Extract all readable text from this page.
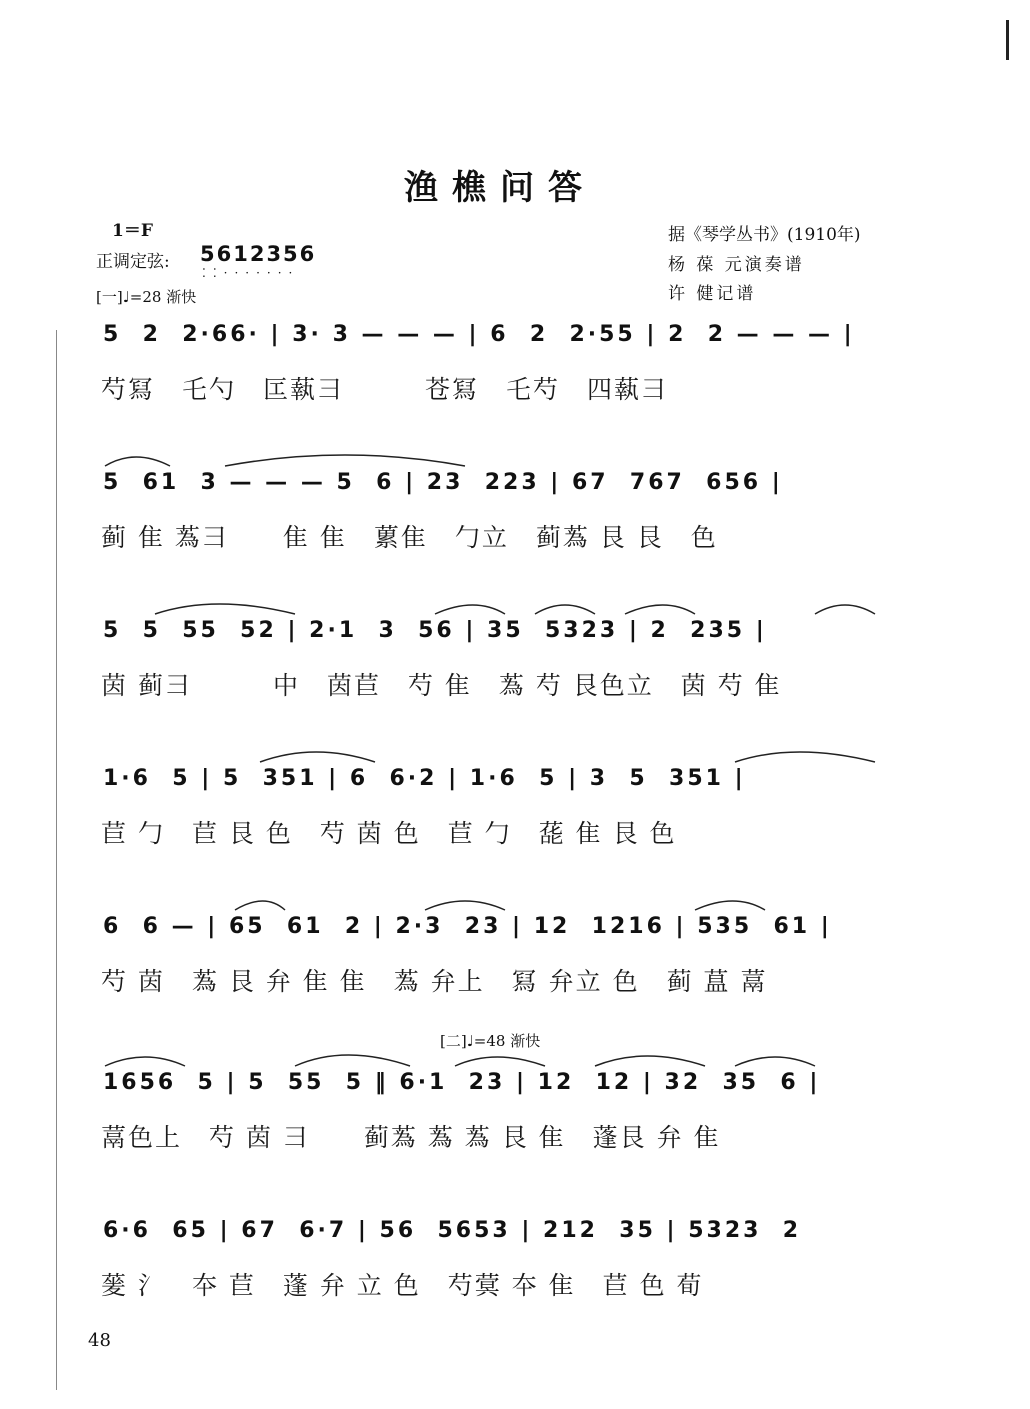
渔樵问答
1＝F
正调定弦: 5612356
⁚⁚·······
[一]♩=28 渐快
据《琴学丛书》(1910年)
杨 葆 元演奏谱
许 健记谱
5  2  2·66· | 3· 3 — — — | 6  2  2·55 | 2  2 — — — |
芍冩　乇勺　匞蓻⺕　　　苍冩　乇芍　四蓻⺕
5  61  3 — — — 5  6 | 23  223 | 67  767  656 |
蓟 隹 蒍⺕　　隹 隹　蔂隹　勹立　蓟蒍 艮 艮　色
5  5  55  52 | 2·1  3  56 | 35  5323 | 2  235 |
茵 蓟⺕　　　中　茵苣　芍 隹　蒍 芍 艮色立　茵 芍 隹
1·6  5 | 5  351 | 6  6·2 | 1·6  5 | 3  5  351 |
苣 勹　苣 艮 色　芍 茵 色　苣 勹　蒊 隹 艮 色
6  6 — | 65  61  2 | 2·3  23 | 12  1216 | 535  61 |
芍 茵　蒍 艮 弁 隹 隹　蒍 弁上　冩 弁立 色　蓟 蒀 蒚
[二]♩=48 渐快
1656  5 | 5  55  5 ‖ 6·1  23 | 12  12 | 32  35  6 |
蒚色上　芍 茵 ⺕　　蓟蒍 蒍 蒍 艮 隹　蓬艮 弁 隹
6·6  65 | 67  6·7 | 56  5653 | 212  35 | 5323  2
蓌 氵　夲 苣　蓬 弁 立 色　芍蓂 夲 隹　苣 色 荀
48
